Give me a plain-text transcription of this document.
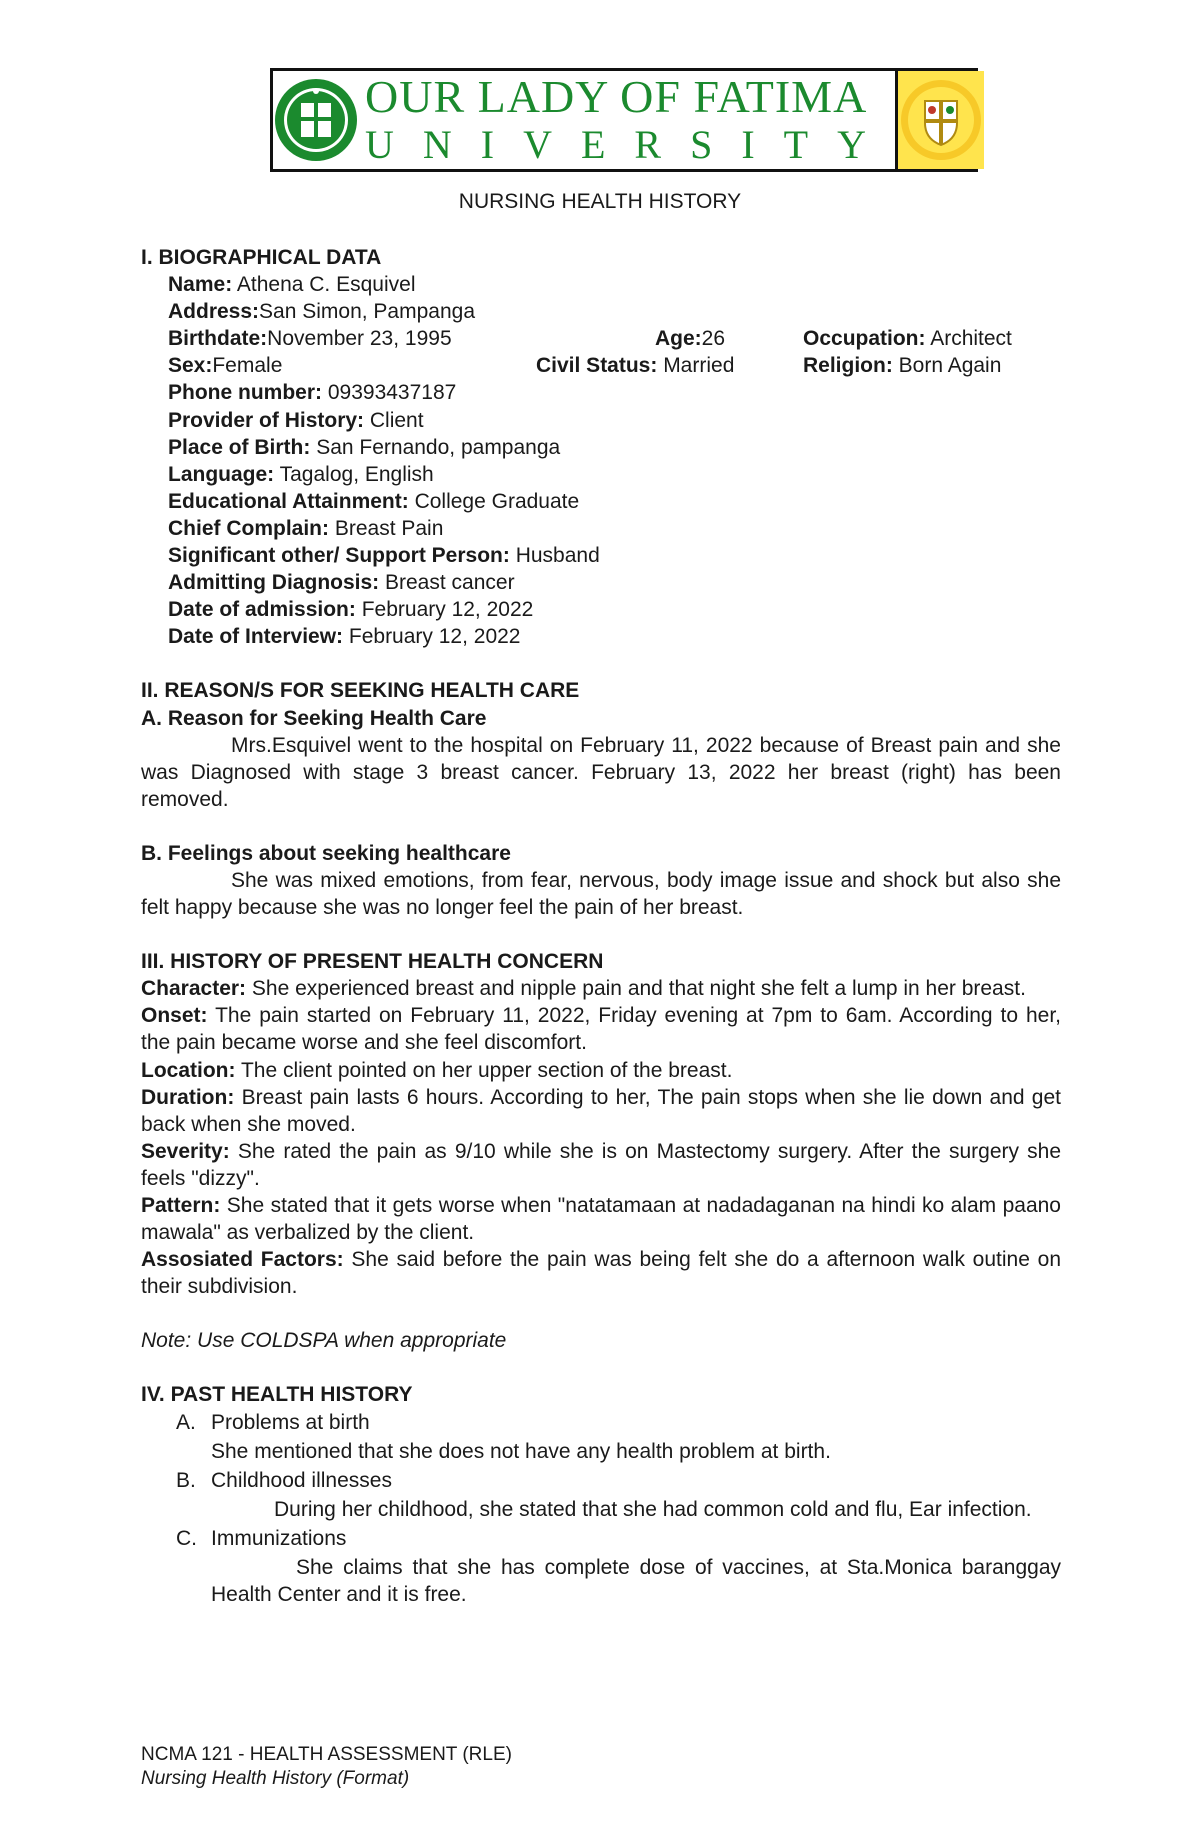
OUR LADY OF FATIMA
UNIVERSITY
NURSING HEALTH HISTORY

I. BIOGRAPHICAL DATA

Name: Athena C. Esquivel

Address:San Simon, Pampanga

Birthdate:November 23, 1995	Age:26	Occupation: Architect
Sex:Female	Civil Status: Married	Religion: Born Again

Phone number: 09393437187

Provider of History: Client

Place of Birth: San Fernando, pampanga

Language: Tagalog, English

Educational Attainment: College Graduate

Chief Complain: Breast Pain

Significant other/ Support Person: Husband

Admitting Diagnosis: Breast cancer

Date of admission: February 12, 2022

Date of Interview: February 12, 2022

II. REASON/S FOR SEEKING HEALTH CARE

A. Reason for Seeking Health Care

Mrs.Esquivel went to the hospital on February 11, 2022 because of Breast pain and she was Diagnosed with stage 3 breast cancer. February 13, 2022 her breast (right) has been removed.

B. Feelings about seeking healthcare

She was mixed emotions, from fear, nervous, body image issue and shock but also she felt happy because she was no longer feel the pain of her breast.

III. HISTORY OF PRESENT HEALTH CONCERN

Character: She experienced breast and nipple pain and that night she felt a lump in her breast.

Onset: The pain started on February 11, 2022, Friday evening at 7pm to 6am. According to her, the pain became worse and she feel discomfort.

Location: The client pointed on her upper section of the breast.

Duration: Breast pain lasts 6 hours. According to her, The pain stops when she lie down and get back when she moved.

Severity: She rated the pain as 9/10 while she is on Mastectomy surgery. After the surgery she feels "dizzy".

Pattern: She stated that it gets worse when "natatamaan at nadadaganan na hindi ko alam paano mawala" as verbalized by the client.

Assosiated Factors: She said before the pain was being felt she do a afternoon walk outine on their subdivision.

Note: Use COLDSPA when appropriate

IV. PAST HEALTH HISTORY

A. Problems at birth

She mentioned that she does not have any health problem at birth.

B. Childhood illnesses

During her childhood, she stated that she had common cold and flu, Ear infection.

C. Immunizations

She claims that she has complete dose of vaccines, at Sta.Monica baranggay Health Center and it is free.

NCMA 121 - HEALTH ASSESSMENT (RLE)
Nursing Health History (Format)
